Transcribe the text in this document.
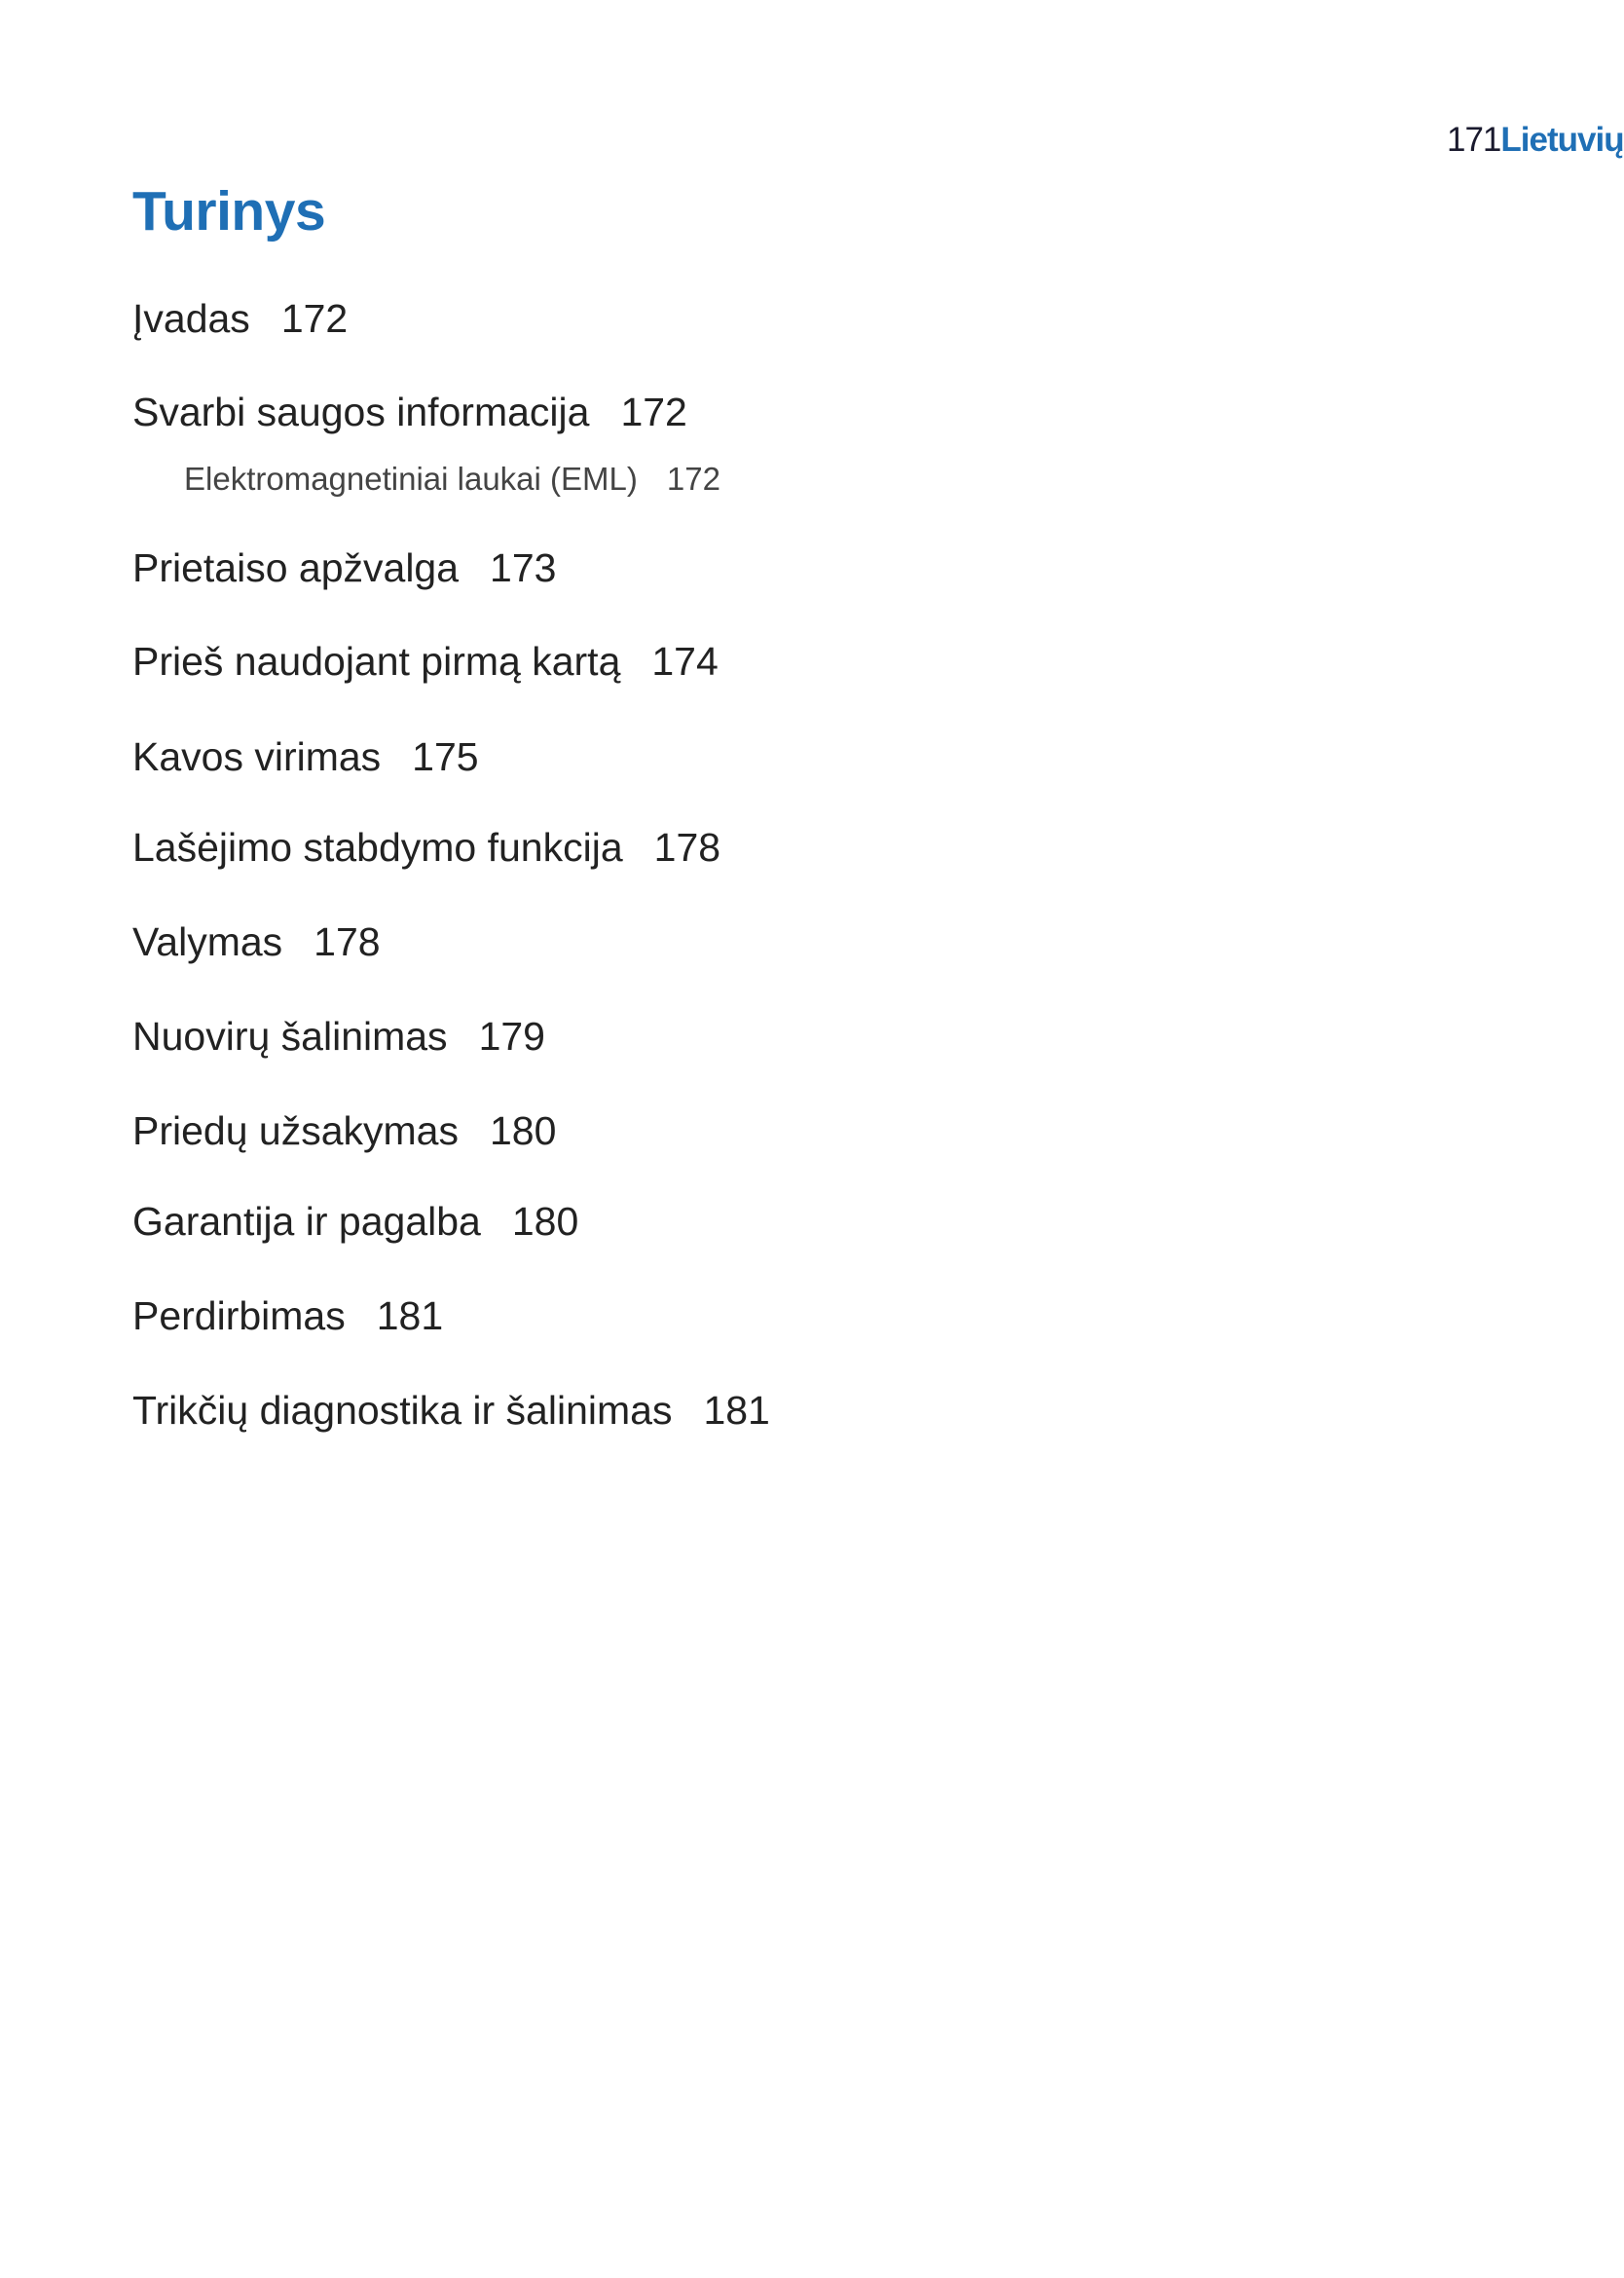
171Lietuvių
Turinys
Įvadas 172
Svarbi saugos informacija 172
Elektromagnetiniai laukai (EML) 172
Prietaiso apžvalga 173
Prieš naudojant pirmą kartą 174
Kavos virimas 175
Lašėjimo stabdymo funkcija 178
Valymas 178
Nuovirų šalinimas 179
Priedų užsakymas 180
Garantija ir pagalba 180
Perdirbimas 181
Trikčių diagnostika ir šalinimas 181
